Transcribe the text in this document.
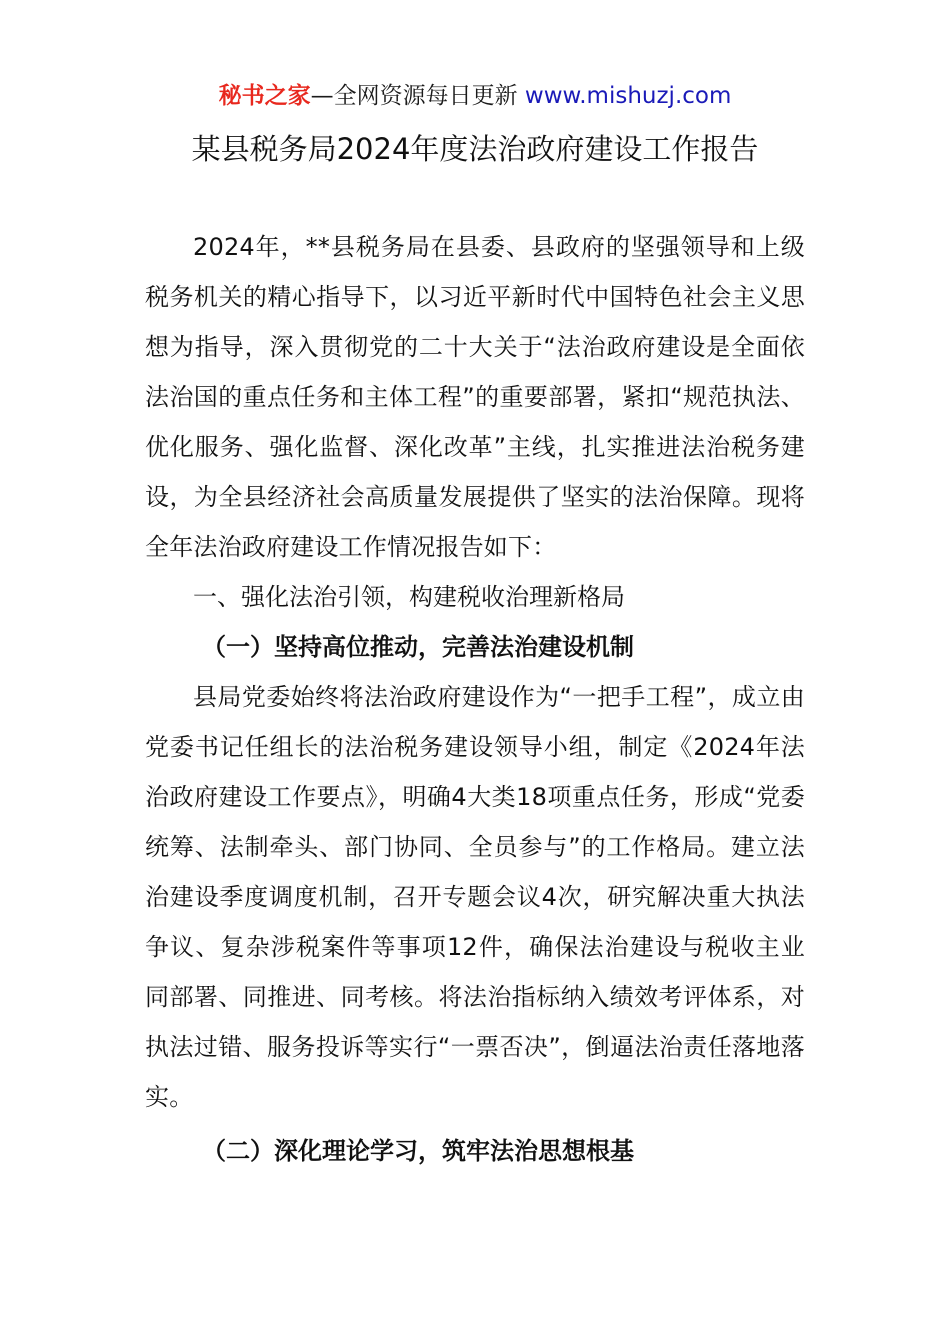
秘书之家—全网资源每日更新 www.mishuzj.com
某县税务局2024年度法治政府建设工作报告

2024年，**县税务局在县委、县政府的坚强领导和上级税务机关的精心指导下，以习近平新时代中国特色社会主义思想为指导，深入贯彻党的二十大关于“法治政府建设是全面依法治国的重点任务和主体工程”的重要部署，紧扣“规范执法、优化服务、强化监督、深化改革”主线，扎实推进法治税务建设，为全县经济社会高质量发展提供了坚实的法治保障。现将全年法治政府建设工作情况报告如下：

一、强化法治引领，构建税收治理新格局

（一）坚持高位推动，完善法治建设机制

县局党委始终将法治政府建设作为“一把手工程”，成立由党委书记任组长的法治税务建设领导小组，制定《2024年法治政府建设工作要点》，明确4大类18项重点任务，形成“党委统筹、法制牵头、部门协同、全员参与”的工作格局。建立法治建设季度调度机制，召开专题会议4次，研究解决重大执法争议、复杂涉税案件等事项12件，确保法治建设与税收主业同部署、同推进、同考核。将法治指标纳入绩效考评体系，对执法过错、服务投诉等实行“一票否决”，倒逼法治责任落地落实。

（二）深化理论学习，筑牢法治思想根基
